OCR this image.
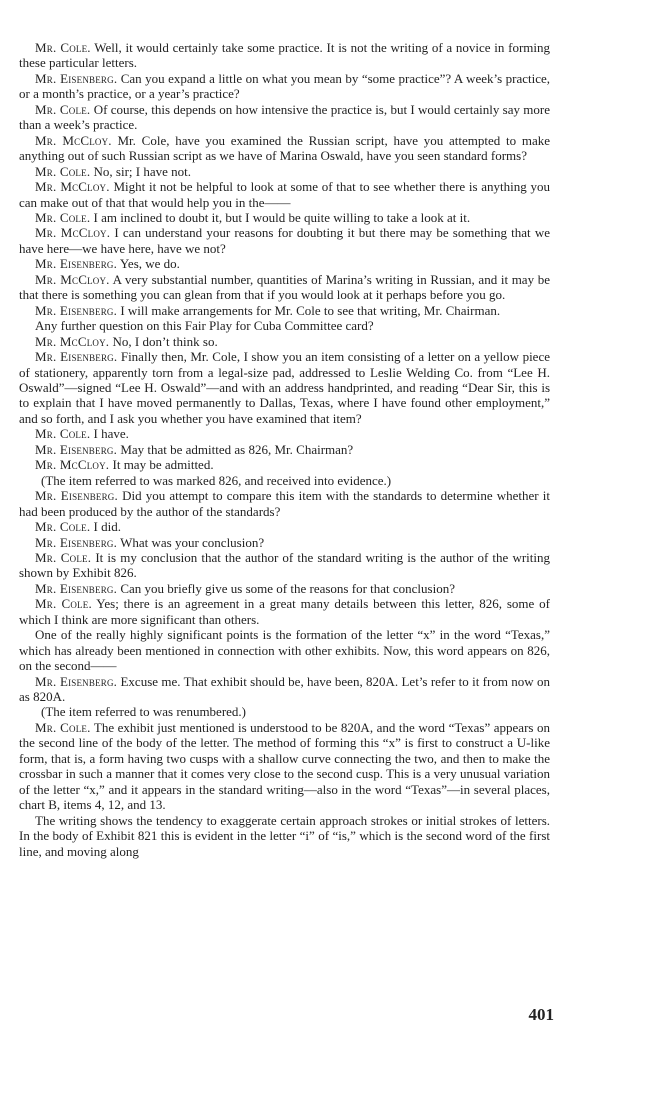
Mr. Cole. Well, it would certainly take some practice. It is not the writing of a novice in forming these particular letters.

Mr. Eisenberg. Can you expand a little on what you mean by “some practice”? A week’s practice, or a month’s practice, or a year’s practice?

Mr. Cole. Of course, this depends on how intensive the practice is, but I would certainly say more than a week’s practice.

Mr. McCloy. Mr. Cole, have you examined the Russian script, have you attempted to make anything out of such Russian script as we have of Marina Oswald, have you seen standard forms?

Mr. Cole. No, sir; I have not.

Mr. McCloy. Might it not be helpful to look at some of that to see whether there is anything you can make out of that that would help you in the——

Mr. Cole. I am inclined to doubt it, but I would be quite willing to take a look at it.

Mr. McCloy. I can understand your reasons for doubting it but there may be something that we have here—we have here, have we not?

Mr. Eisenberg. Yes, we do.

Mr. McCloy. A very substantial number, quantities of Marina’s writing in Russian, and it may be that there is something you can glean from that if you would look at it perhaps before you go.

Mr. Eisenberg. I will make arrangements for Mr. Cole to see that writing, Mr. Chairman.

Any further question on this Fair Play for Cuba Committee card?

Mr. McCloy. No, I don’t think so.

Mr. Eisenberg. Finally then, Mr. Cole, I show you an item consisting of a letter on a yellow piece of stationery, apparently torn from a legal-size pad, addressed to Leslie Welding Co. from “Lee H. Oswald”—signed “Lee H. Oswald”—and with an address handprinted, and reading “Dear Sir, this is to explain that I have moved permanently to Dallas, Texas, where I have found other employment,” and so forth, and I ask you whether you have examined that item?

Mr. Cole. I have.

Mr. Eisenberg. May that be admitted as 826, Mr. Chairman?

Mr. McCloy. It may be admitted.

(The item referred to was marked 826, and received into evidence.)

Mr. Eisenberg. Did you attempt to compare this item with the standards to determine whether it had been produced by the author of the standards?

Mr. Cole. I did.

Mr. Eisenberg. What was your conclusion?

Mr. Cole. It is my conclusion that the author of the standard writing is the author of the writing shown by Exhibit 826.

Mr. Eisenberg. Can you briefly give us some of the reasons for that conclusion?

Mr. Cole. Yes; there is an agreement in a great many details between this letter, 826, some of which I think are more significant than others.

One of the really highly significant points is the formation of the letter “x” in the word “Texas,” which has already been mentioned in connection with other exhibits. Now, this word appears on 826, on the second——

Mr. Eisenberg. Excuse me. That exhibit should be, have been, 820A. Let’s refer to it from now on as 820A.

(The item referred to was renumbered.)

Mr. Cole. The exhibit just mentioned is understood to be 820A, and the word “Texas” appears on the second line of the body of the letter. The method of forming this “x” is first to construct a U-like form, that is, a form having two cusps with a shallow curve connecting the two, and then to make the crossbar in such a manner that it comes very close to the second cusp. This is a very unusual variation of the letter “x,” and it appears in the standard writing—also in the word “Texas”—in several places, chart B, items 4, 12, and 13.

The writing shows the tendency to exaggerate certain approach strokes or initial strokes of letters. In the body of Exhibit 821 this is evident in the letter “i” of “is,” which is the second word of the first line, and moving along

401
